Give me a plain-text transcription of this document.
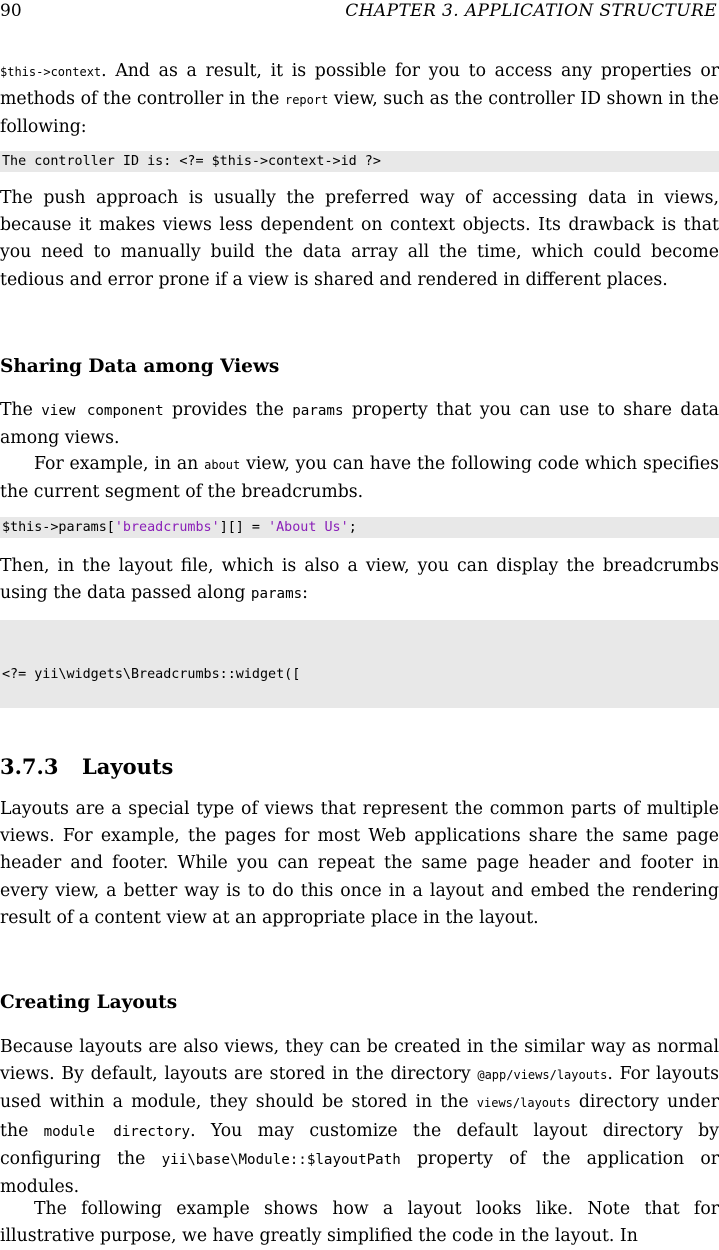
90	CHAPTER 3. APPLICATION STRUCTURE

$this->context. And as a result, it is possible for you to access any properties or methods of the controller in the report view, such as the controller ID shown in the following:

The controller ID is: <?= $this->context->id ?>

The push approach is usually the preferred way of accessing data in views, because it makes views less dependent on context objects. Its drawback is that you need to manually build the data array all the time, which could become tedious and error prone if a view is shared and rendered in different places.

Sharing Data among Views

The view component provides the params property that you can use to share data among views.

For example, in an about view, you can have the following code which specifies the current segment of the breadcrumbs.

$this->params['breadcrumbs'][] = 'About Us';

Then, in the layout file, which is also a view, you can display the breadcrumbs using the data passed along params:

<?= yii\widgets\Breadcrumbs::widget([

3.7.3 Layouts

Layouts are a special type of views that represent the common parts of multiple views. For example, the pages for most Web applications share the same page header and footer. While you can repeat the same page header and footer in every view, a better way is to do this once in a layout and embed the rendering result of a content view at an appropriate place in the layout.

Creating Layouts

Because layouts are also views, they can be created in the similar way as normal views. By default, layouts are stored in the directory @app/views/layouts. For layouts used within a module, they should be stored in the views/layouts directory under the module directory. You may customize the default layout directory by configuring the yii\base\Module::$layoutPath property of the application or modules.

The following example shows how a layout looks like. Note that for illustrative purpose, we have greatly simplified the code in the layout. In
